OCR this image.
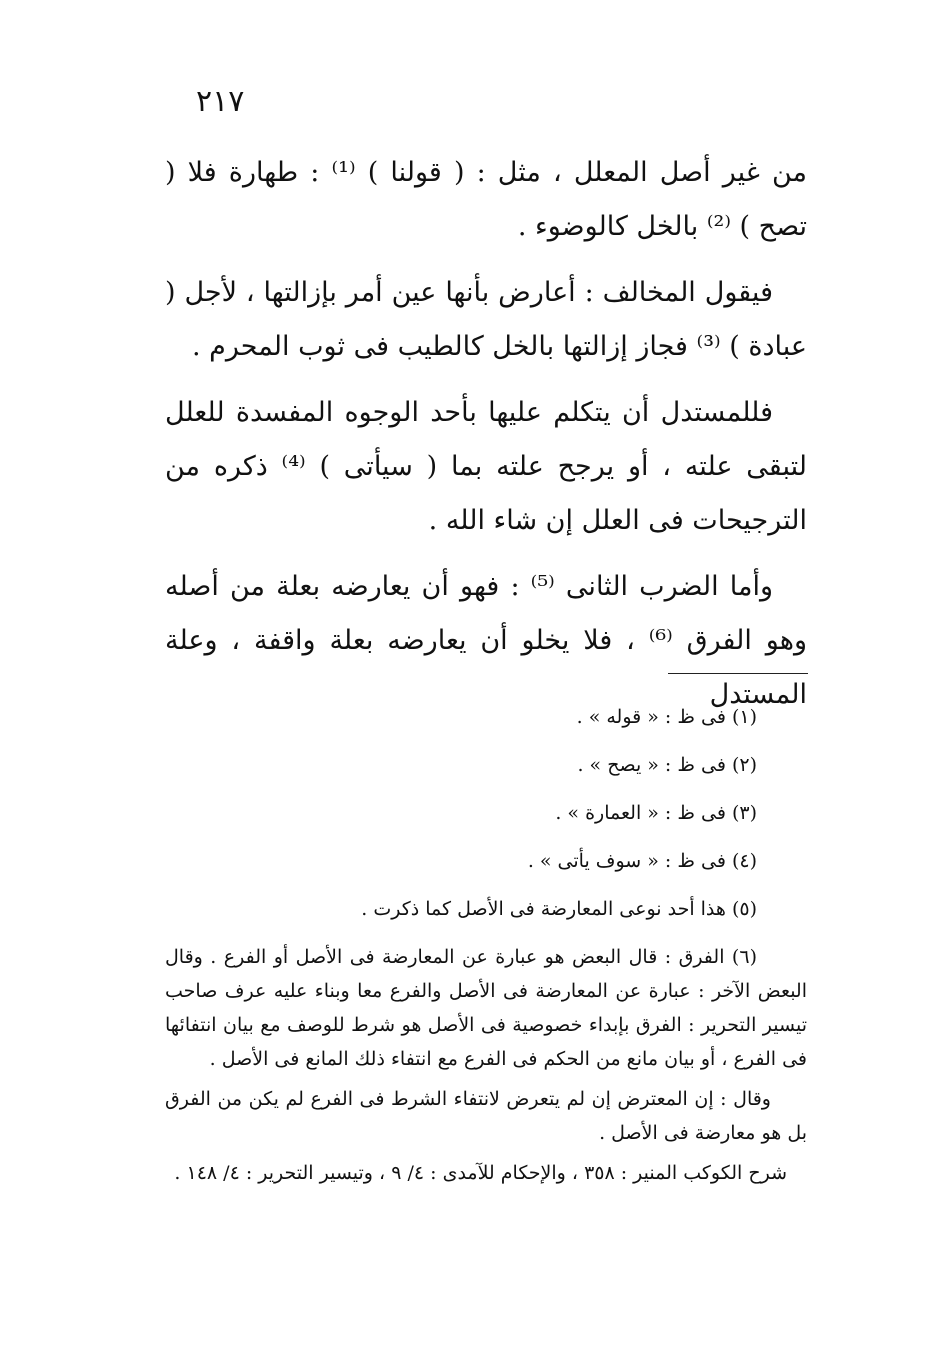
٢١٧

من غير أصل المعلل ، مثل : ( قولنا ) ⁽¹⁾ : طهارة فلا ( تصح ) ⁽²⁾ بالخل كالوضوء .

فيقول المخالف : أعارض بأنها عين أمر بإزالتها ، لأجل ( عبادة ) ⁽³⁾ فجاز إزالتها بالخل كالطيب فى ثوب المحرم .

فللمستدل أن يتكلم عليها بأحد الوجوه المفسدة للعلل لتبقى علته ، أو يرجح علته بما ( سيأتى ) ⁽⁴⁾ ذكره من الترجيحات فى العلل إن شاء الله .

وأما الضرب الثانى ⁽⁵⁾ : فهو أن يعارضه بعلة من أصله وهو الفرق ⁽⁶⁾ ، فلا يخلو أن يعارضه بعلة واقفة ، وعلة المستدل

(١) فى ظ : « قوله » .
(٢) فى ظ : « يصح » .
(٣) فى ظ : « العمارة » .
(٤) فى ظ : « سوف يأتى » .
(٥) هذا أحد نوعى المعارضة فى الأصل كما ذكرت .
(٦) الفرق : قال البعض هو عبارة عن المعارضة فى الأصل أو الفرع . وقال البعض الآخر : عبارة عن المعارضة فى الأصل والفرع معا وبناء عليه عرف صاحب تيسير التحرير : الفرق بإبداء خصوصية فى الأصل هو شرط للوصف مع بيان انتفائها فى الفرع ، أو بيان مانع من الحكم فى الفرع مع انتفاء ذلك المانع فى الأصل .
وقال : إن المعترض إن لم يتعرض لانتفاء الشرط فى الفرع لم يكن من الفرق بل هو معارضة فى الأصل .
شرح الكوكب المنير : ٣٥٨ ، والإحكام للآمدى : ٤/ ٩ ، وتيسير التحرير : ٤/ ١٤٨ .
